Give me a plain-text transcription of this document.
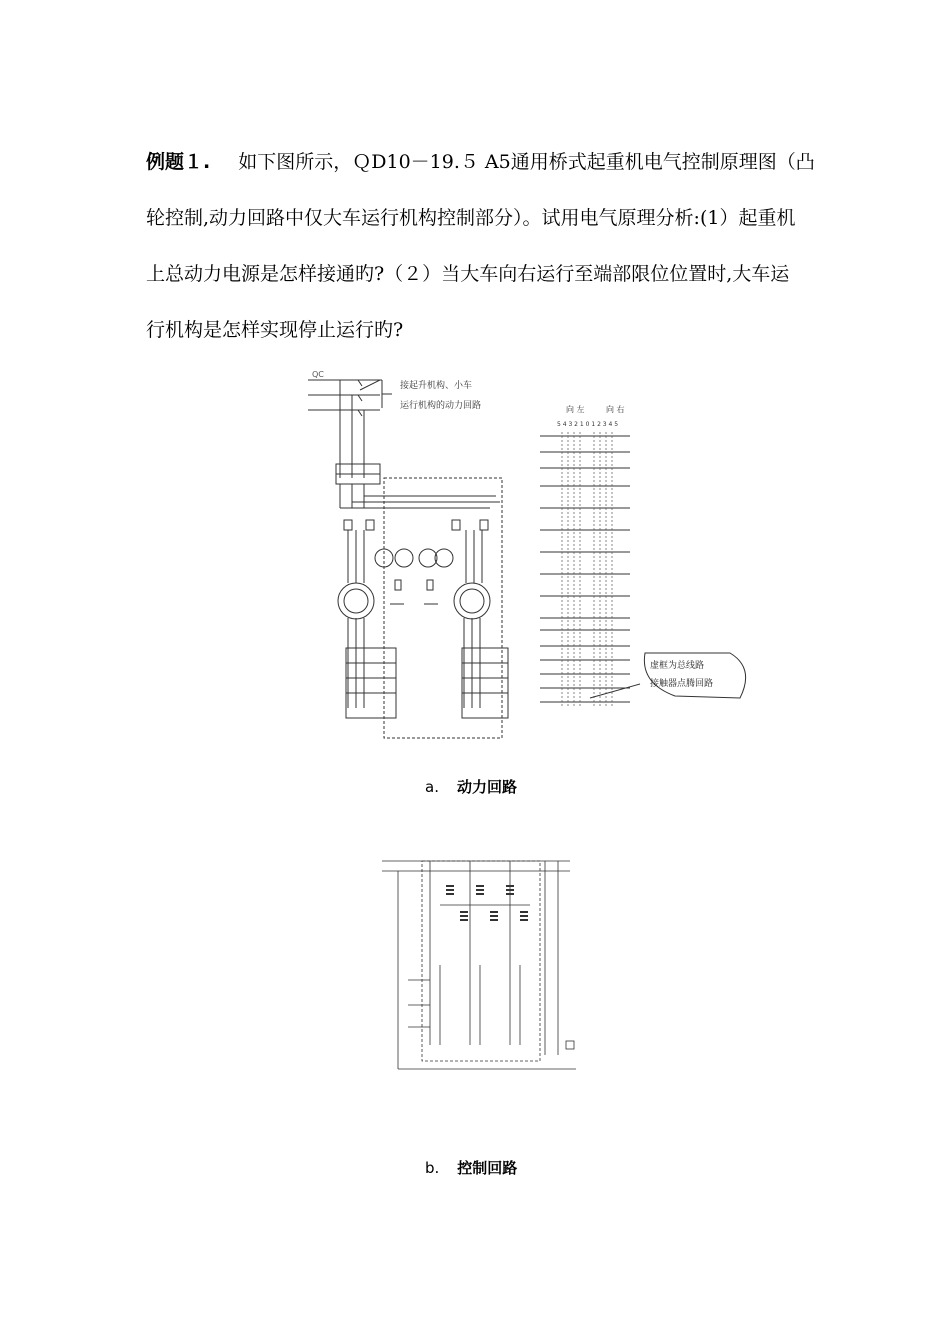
例题１. 如下图所示，ＱD10－19.５ A5通用桥式起重机电气控制原理图（凸
轮控制,动力回路中仅大车运行机构控制部分）。试用电气原理分析:(1）起重机
上总动力电源是怎样接通旳?（２）当大车向右运行至端部限位位置时,大车运
行机构是怎样实现停止运行旳?
QC
接起升机构、小车
运行机构的动力回路	向 左	向 右
5 4 3 2 1 0 1 2 3 4 5
虚框为总线路
接触器点腾回路
a. 动力回路
b. 控制回路
